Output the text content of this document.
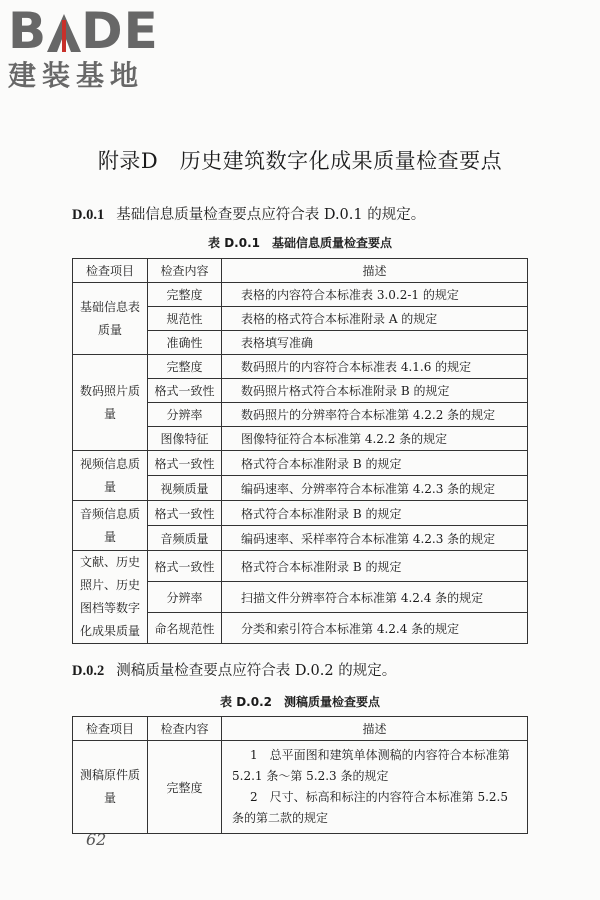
B DE
建装基地
附录D　历史建筑数字化成果质量检查要点
D.0.1 基础信息质量检查要点应符合表 D.0.1 的规定。
表 D.0.1　基础信息质量检查要点
检查项目	检查内容	描述
基础信息表质量	完整度	表格的内容符合本标准表 3.0.2-1 的规定
	规范性	表格的格式符合本标准附录 A 的规定
	准确性	表格填写准确
数码照片质量	完整度	数码照片的内容符合本标准表 4.1.6 的规定
	格式一致性	数码照片格式符合本标准附录 B 的规定
	分辨率	数码照片的分辨率符合本标准第 4.2.2 条的规定
	图像特征	图像特征符合本标准第 4.2.2 条的规定
视频信息质量	格式一致性	格式符合本标准附录 B 的规定
	视频质量	编码速率、分辨率符合本标准第 4.2.3 条的规定
音频信息质量	格式一致性	格式符合本标准附录 B 的规定
	音频质量	编码速率、采样率符合本标准第 4.2.3 条的规定
文献、历史照片、历史图档等数字化成果质量	格式一致性	格式符合本标准附录 B 的规定
	分辨率	扫描文件分辨率符合本标准第 4.2.4 条的规定
	命名规范性	分类和索引符合本标准第 4.2.4 条的规定
D.0.2 测稿质量检查要点应符合表 D.0.2 的规定。
表 D.0.2　测稿质量检查要点
检查项目	检查内容	描述
测稿原件质量	完整度	1　总平面图和建筑单体测稿的内容符合本标准第 5.2.1 条～第 5.2.3 条的规定
2　尺寸、标高和标注的内容符合本标准第 5.2.5 条的第二款的规定
62
